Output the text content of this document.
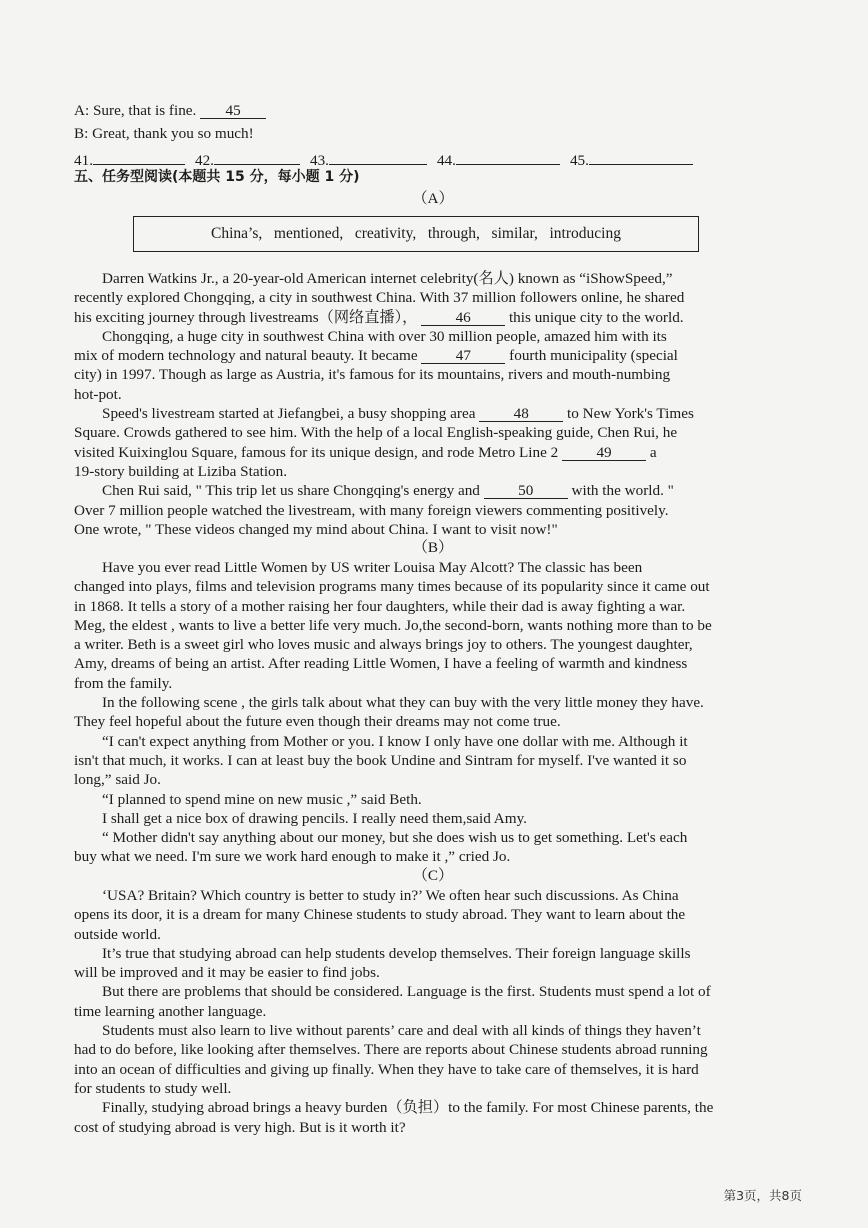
A: Sure, that is fine. 45
B: Great, thank you so much!
41.	42.	43.	44.	45.
五、任务型阅读(本题共 15 分，每小题 1 分)
（A）
China’s,   mentioned,   creativity,   through,   similar,   introducing
Darren Watkins Jr., a 20-year-old American internet celebrity(名人) known as “iShowSpeed,”
recently explored Chongqing, a city in southwest China. With 37 million followers online, he shared
his exciting journey through livestreams（网络直播），	46	this unique city to the world.
Chongqing, a huge city in southwest China with over 30 million people, amazed him with its
mix of modern technology and natural beauty. It became	47	fourth municipality (special
city) in 1997. Though as large as Austria, it's famous for its mountains, rivers and mouth-numbing
hot-pot.
Speed's livestream started at Jiefangbei, a busy shopping area	48	to New York's Times
Square. Crowds gathered to see him. With the help of a local English-speaking guide, Chen Rui, he
visited Kuixinglou Square, famous for its unique design, and rode Metro Line 2	49	a
19-story building at Liziba Station.
Chen Rui said, " This trip let us share Chongqing's energy and	50	with the world. "
Over 7 million people watched the livestream, with many foreign viewers commenting positively.
One wrote, " These videos changed my mind about China. I want to visit now!"
（B）
Have you ever read Little Women by US writer Louisa May Alcott? The classic has been
changed into plays, films and television programs many times because of its popularity since it came out
in 1868. It tells a story of a mother raising her four daughters, while their dad is away fighting a war.
Meg, the eldest , wants to live a better life very much. Jo,the second-born, wants nothing more than to be
a writer. Beth is a sweet girl who loves music and always brings joy to others. The youngest daughter,
Amy, dreams of being an artist. After reading Little Women, I have a feeling of warmth and kindness
from the family.
In the following scene , the girls talk about what they can buy with the very little money they have.
They feel hopeful about the future even though their dreams may not come true.
“I can't expect anything from Mother or you. I know I only have one dollar with me. Although it
isn't that much, it works. I can at least buy the book Undine and Sintram for myself. I've wanted it so
long,” said Jo.
“I planned to spend mine on new music ,” said Beth.
I shall get a nice box of drawing pencils. I really need them,said Amy.
“ Mother didn't say anything about our money, but she does wish us to get something. Let's each
buy what we need. I'm sure we work hard enough to make it ,” cried Jo.
（C）
‘USA? Britain? Which country is better to study in?’ We often hear such discussions. As China
opens its door, it is a dream for many Chinese students to study abroad. They want to learn about the
outside world.
It’s true that studying abroad can help students develop themselves. Their foreign language skills
will be improved and it may be easier to find jobs.
But there are problems that should be considered. Language is the first. Students must spend a lot of
time learning another language.
Students must also learn to live without parents’ care and deal with all kinds of things they haven’t
had to do before, like looking after themselves. There are reports about Chinese students abroad running
into an ocean of difficulties and giving up finally. When they have to take care of themselves, it is hard
for students to study well.
Finally, studying abroad brings a heavy burden（负担）to the family. For most Chinese parents, the
cost of studying abroad is very high. But is it worth it?
第3页，共8页
